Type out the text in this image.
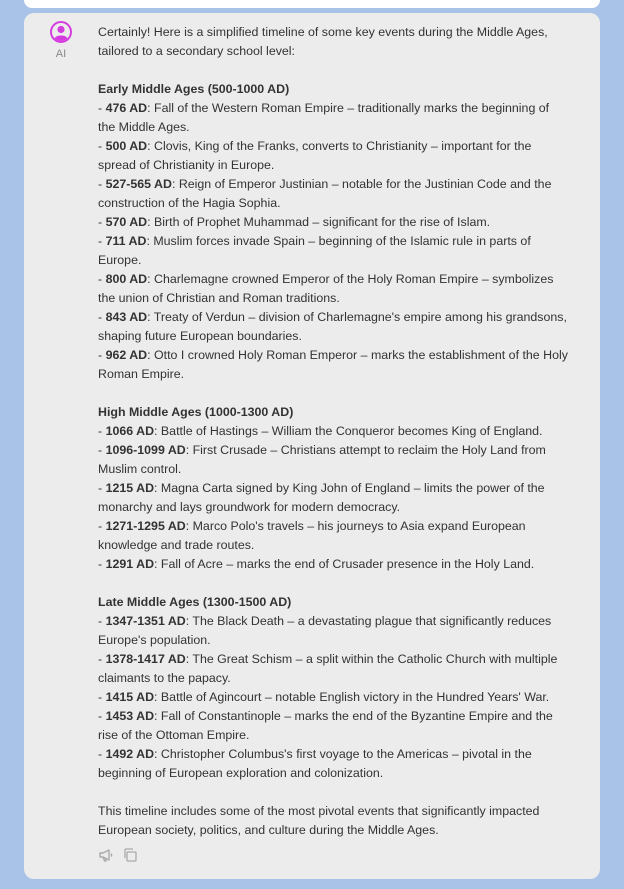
AI

Certainly! Here is a simplified timeline of some key events during the Middle Ages, tailored to a secondary school level:

Early Middle Ages (500-1000 AD)

- 476 AD: Fall of the Western Roman Empire – traditionally marks the beginning of the Middle Ages.

- 500 AD: Clovis, King of the Franks, converts to Christianity – important for the spread of Christianity in Europe.

- 527-565 AD: Reign of Emperor Justinian – notable for the Justinian Code and the construction of the Hagia Sophia.

- 570 AD: Birth of Prophet Muhammad – significant for the rise of Islam.

- 711 AD: Muslim forces invade Spain – beginning of the Islamic rule in parts of Europe.

- 800 AD: Charlemagne crowned Emperor of the Holy Roman Empire – symbolizes the union of Christian and Roman traditions.

- 843 AD: Treaty of Verdun – division of Charlemagne's empire among his grandsons, shaping future European boundaries.

- 962 AD: Otto I crowned Holy Roman Emperor – marks the establishment of the Holy Roman Empire.

High Middle Ages (1000-1300 AD)

- 1066 AD: Battle of Hastings – William the Conqueror becomes King of England.

- 1096-1099 AD: First Crusade – Christians attempt to reclaim the Holy Land from Muslim control.

- 1215 AD: Magna Carta signed by King John of England – limits the power of the monarchy and lays groundwork for modern democracy.

- 1271-1295 AD: Marco Polo's travels – his journeys to Asia expand European knowledge and trade routes.

- 1291 AD: Fall of Acre – marks the end of Crusader presence in the Holy Land.

Late Middle Ages (1300-1500 AD)

- 1347-1351 AD: The Black Death – a devastating plague that significantly reduces Europe's population.

- 1378-1417 AD: The Great Schism – a split within the Catholic Church with multiple claimants to the papacy.

- 1415 AD: Battle of Agincourt – notable English victory in the Hundred Years' War.

- 1453 AD: Fall of Constantinople – marks the end of the Byzantine Empire and the rise of the Ottoman Empire.

- 1492 AD: Christopher Columbus's first voyage to the Americas – pivotal in the beginning of European exploration and colonization.

This timeline includes some of the most pivotal events that significantly impacted European society, politics, and culture during the Middle Ages.
